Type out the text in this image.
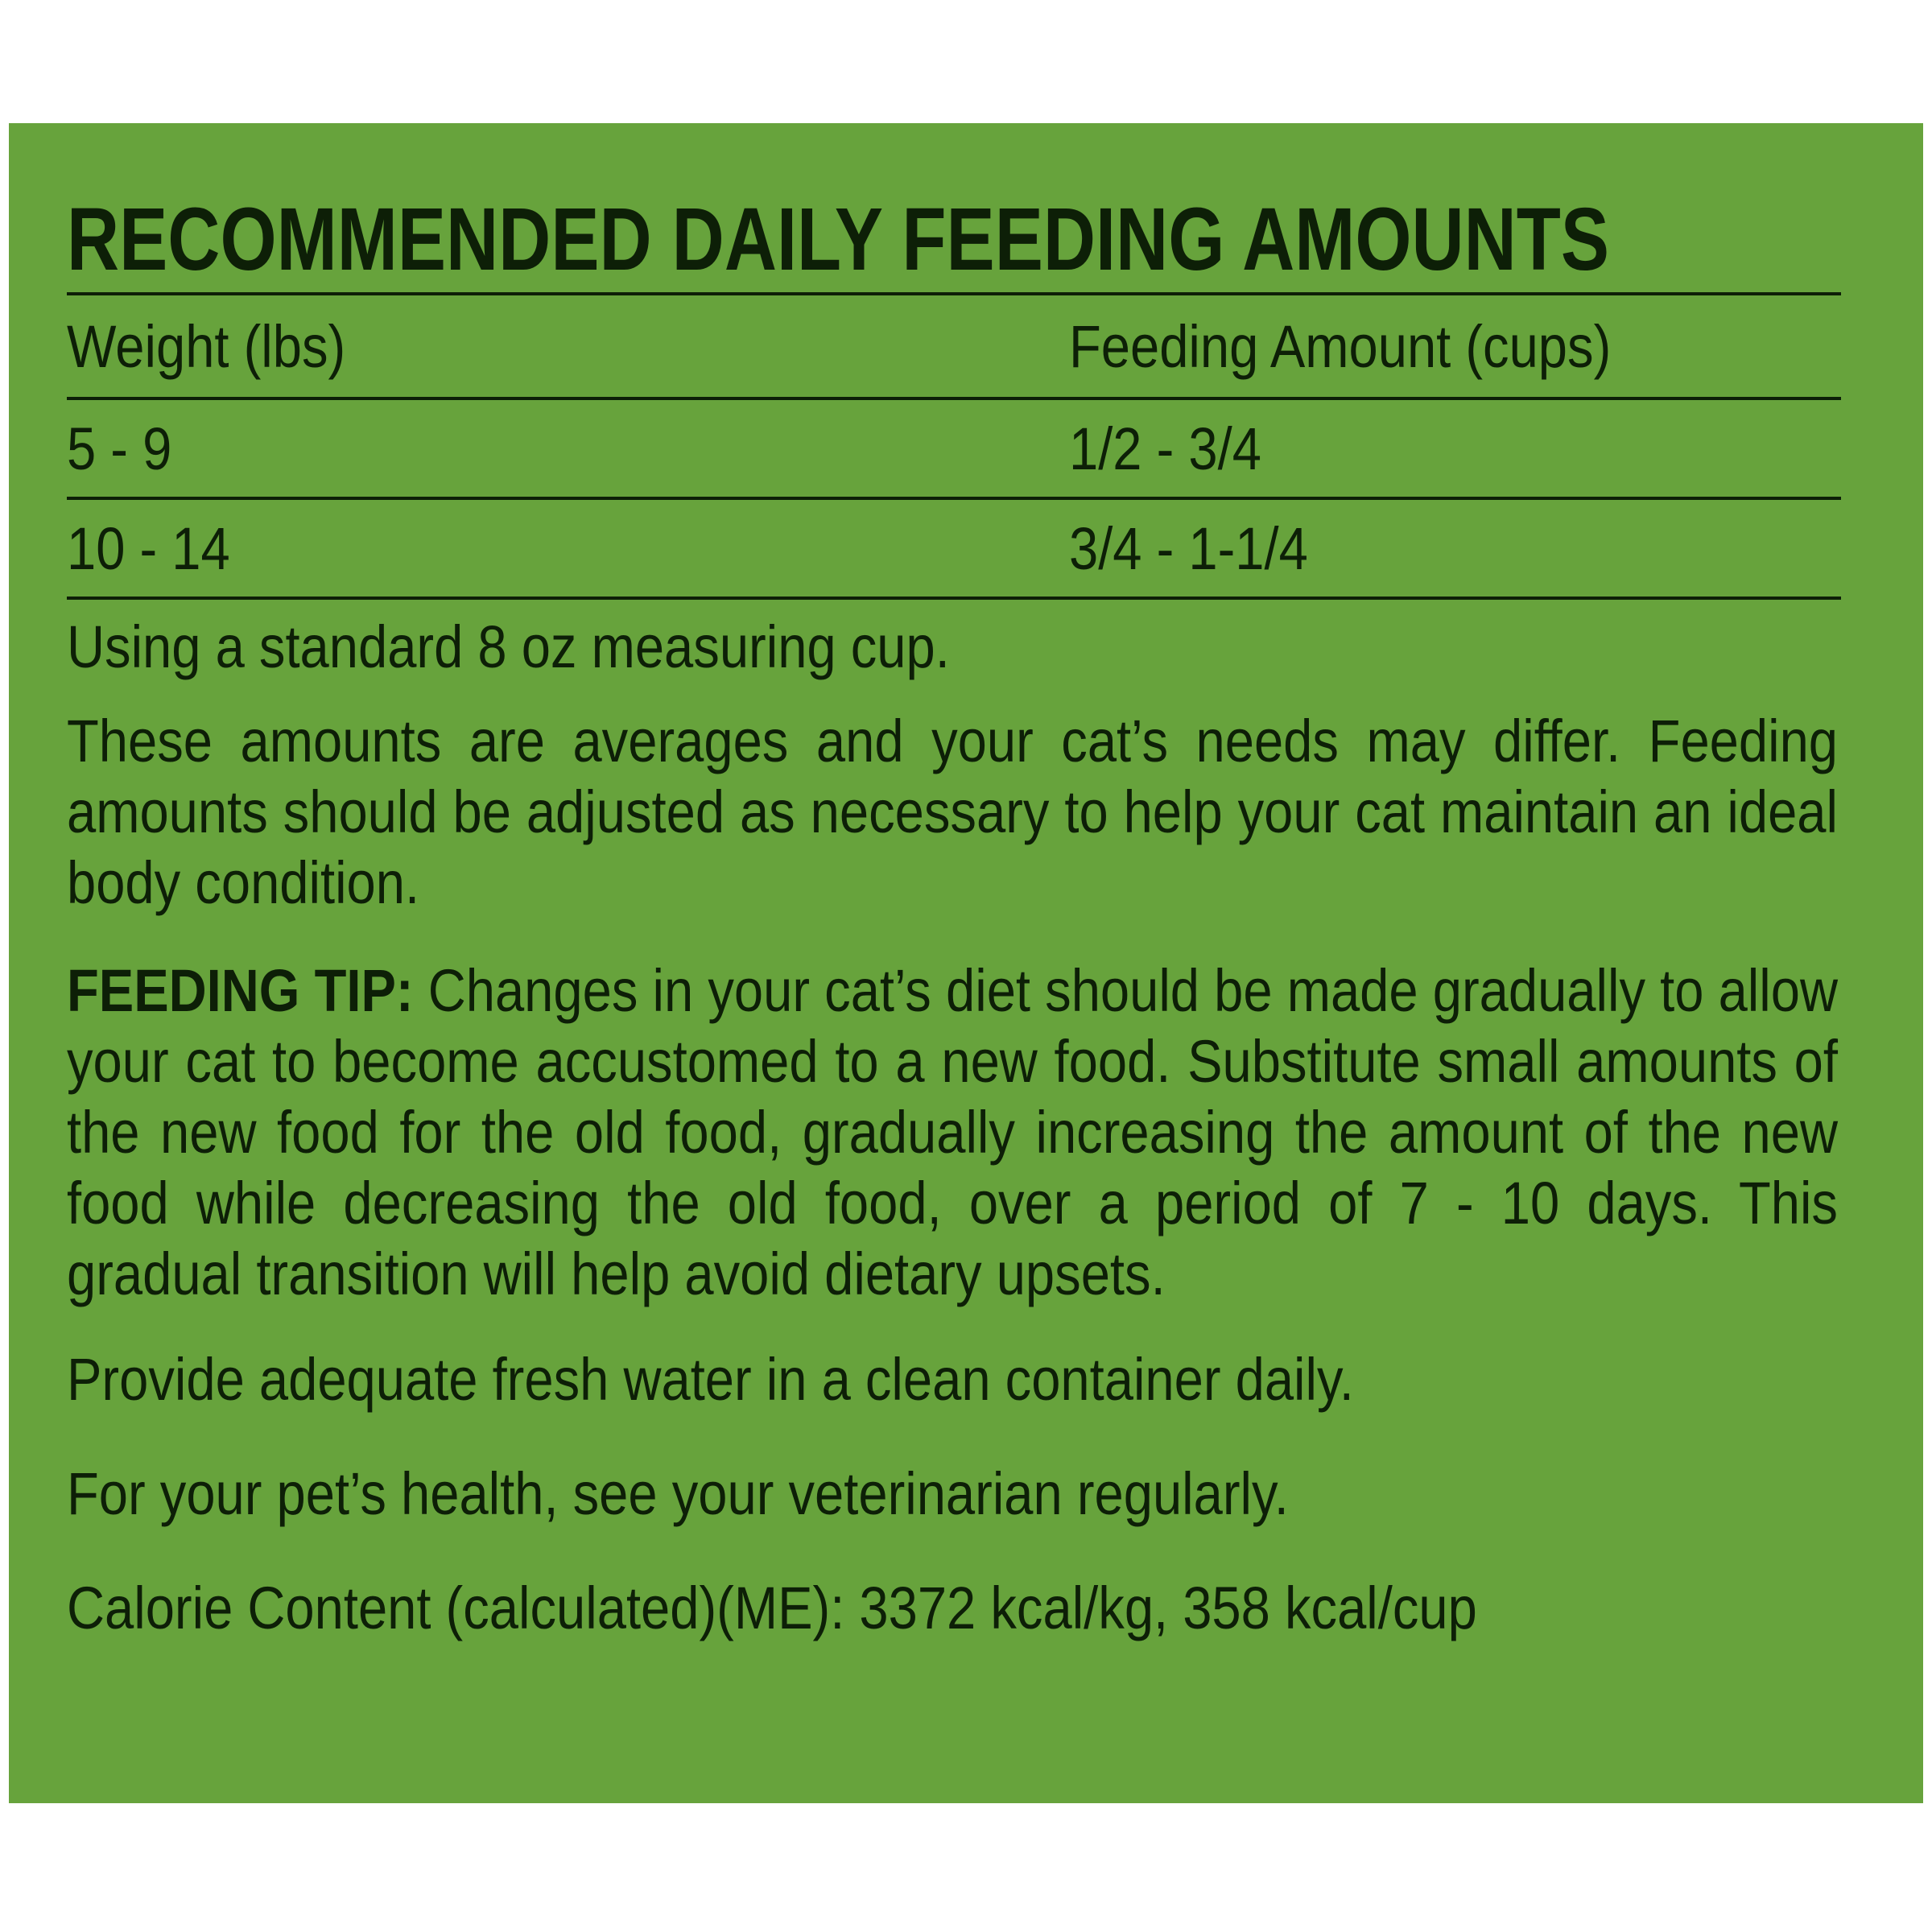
RECOMMENDED DAILY FEEDING AMOUNTS
Weight (lbs)	Feeding Amount (cups)
5 - 9	1/2 - 3/4
10 - 14	3/4 - 1-1/4
Using a standard 8 oz measuring cup.

These amounts are averages and your cat’s needs may differ. Feeding amounts should be adjusted as necessary to help your cat maintain an ideal body condition.

FEEDING TIP: Changes in your cat’s diet should be made gradually to allow your cat to become accustomed to a new food. Substitute small amounts of the new food for the old food, gradually increasing the amount of the new food while decreasing the old food, over a period of 7 - 10 days. This gradual transition will help avoid dietary upsets.

Provide adequate fresh water in a clean container daily.
For your pet’s health, see your veterinarian regularly.
Calorie Content (calculated)(ME): 3372 kcal/kg, 358 kcal/cup
